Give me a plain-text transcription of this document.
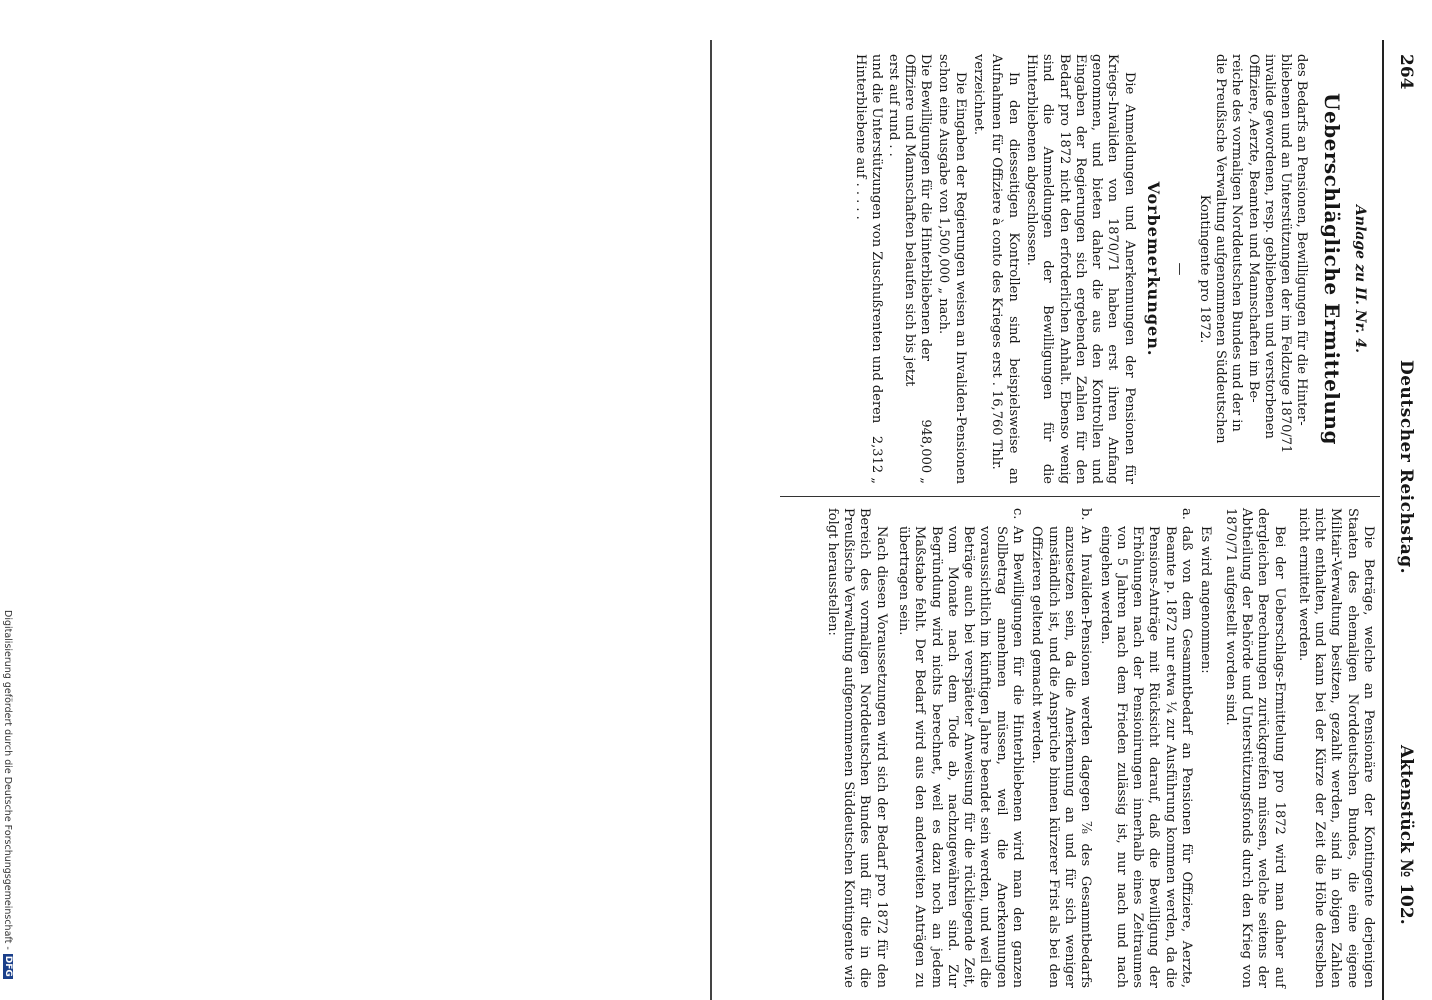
Digitalisierung gefördert durch die Deutsche Forschungsgemeinschaft -
DFG
264
Deutscher Reichstag.
Aktenstück № 102.
Anlage zu II. Nr. 4.
Ueberschlägliche Ermittelung
des Bedarfs an Pensionen, Bewilligungen für die Hinter-
bliebenen und an Unterstützungen der im Feldzuge 1870/71
invalide gewordenen, resp. gebliebenen und verstorbenen
Offiziere, Aerzte, Beamten und Mannschaften im Be-
reiche des vormaligen Norddeutschen Bundes und der in
die Preußische Verwaltung aufgenommenen Süddeutschen
Kontingente pro 1872.
—
Vorbemerkungen.

Die Anmeldungen und Anerkennungen der Pensionen für Kriegs-Invaliden von 1870/71 haben erst ihren Anfang genommen, und bieten daher die aus den Kontrollen und Eingaben der Regierungen sich ergebenden Zahlen für den Bedarf pro 1872 nicht den erforderlichen Anhalt. Ebenso wenig sind die Anmeldungen der Bewilligungen für die Hinterbliebenen abgeschlossen.

In den diesseitigen Kontrollen sind beispielsweise an Aufnahmen für Offiziere à conto des Krieges erst . 16,760 Thlr.

verzeichnet.

Die Eingaben der Regierungen weisen an Invaliden-Pensionen schon eine Ausgabe von 1,500,000 „ nach.

Die Bewilligungen für die Hinterbliebenen der Offiziere und Mannschaften belaufen sich bis jetzt erst auf rund . .
948,000 „
und die Unterstützungen von Zuschußrenten und deren Hinterbliebene auf . . . . .
2,312 „

Die Beträge, welche an Pensionäre der Kontingente derjenigen Staaten des ehemaligen Norddeutschen Bundes, die eine eigene Militair-Verwaltung besitzen, gezahlt werden, sind in obigen Zahlen nicht enthalten, und kann bei der Kürze der Zeit die Höhe derselben nicht ermittelt werden.

Bei der Ueberschlags-Ermittelung pro 1872 wird man daher auf dergleichen Berechnungen zurückgreifen müssen, welche seitens der Abtheilung der Behörde und Unterstützungsfonds durch den Krieg von 1870/71 aufgestellt worden sind.

Es wird angenommen:

a.
daß von dem Gesammtbedarf an Pensionen für Offiziere, Aerzte, Beamte p. 1872 nur etwa ¼ zur Ausführung kommen werden, da die Pensions-Anträge mit Rücksicht darauf, daß die Bewilligung der Erhöhungen nach der Pensionirungen innerhalb eines Zeitraumes von 5 Jahren nach dem Frieden zulässig ist, nur nach und nach eingehen werden.
b.
An Invaliden-Pensionen werden dagegen ⅞ des Gesammtbedarfs anzusetzen sein, da die Anerkennung an und für sich weniger umständlich ist, und die Ansprüche binnen kürzerer Frist als bei den Offizieren geltend gemacht werden.
c.
An Bewilligungen für die Hinterbliebenen wird man den ganzen Sollbetrag annehmen müssen, weil die Anerkennungen voraussichtlich im künftigen Jahre beendet sein werden, und weil die Beträge auch bei verspäteter Anweisung für die rückliegende Zeit, vom Monate nach dem Tode ab, nachzugewähren sind. Zur Begründung wird nichts berechnet, weil es dazu noch an jedem Maßstabe fehlt. Der Bedarf wird aus den anderweiten Anträgen zu übertragen sein.

Nach diesen Voraussetzungen wird sich der Bedarf pro 1872 für den Bereich des vormaligen Norddeutschen Bundes und für die in die Preußische Verwaltung aufgenommenen Süddeutschen Kontingente wie folgt herausstellen:
